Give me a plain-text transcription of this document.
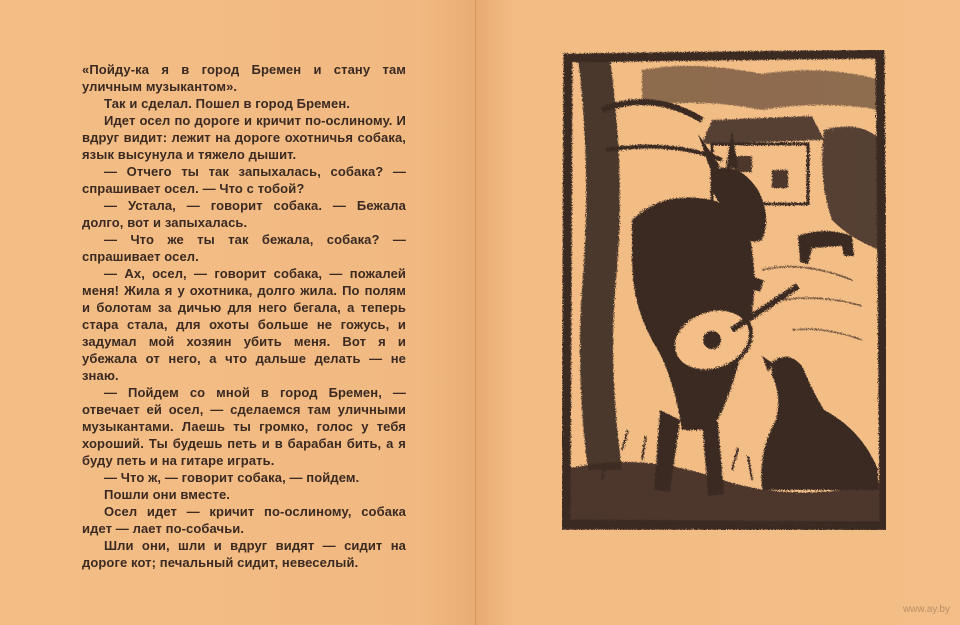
«Пойду-ка я в город Бремен и стану там уличным музыкантом».

Так и сделал. Пошел в город Бремен.

Идет осел по дороге и кричит по-ослиному. И вдруг видит: лежит на дороге охотничья собака, язык высунула и тяжело дышит.

— Отчего ты так запыхалась, собака? — спрашивает осел. — Что с тобой?

— Устала, — говорит собака. — Бежала долго, вот и запыхалась.

— Что же ты так бежала, собака? — спрашивает осел.

— Ах, осел, — говорит собака, — пожалей меня! Жила я у охотника, долго жила. По полям и болотам за дичью для него бегала, а теперь стара стала, для охоты больше не гожусь, и задумал мой хозяин убить меня. Вот я и убежала от него, а что дальше делать — не знаю.

— Пойдем со мной в город Бремен, — отвечает ей осел, — сделаемся там уличными музыкантами. Лаешь ты громко, голос у тебя хороший. Ты будешь петь и в барабан бить, а я буду петь и на гитаре играть.

— Что ж, — говорит собака, — пойдем.

Пошли они вместе.

Осел идет — кричит по-ослиному, собака идет — лает по-собачьи.

Шли они, шли и вдруг видят — сидит на дороге кот; печальный сидит, невеселый.

www.ay.by
